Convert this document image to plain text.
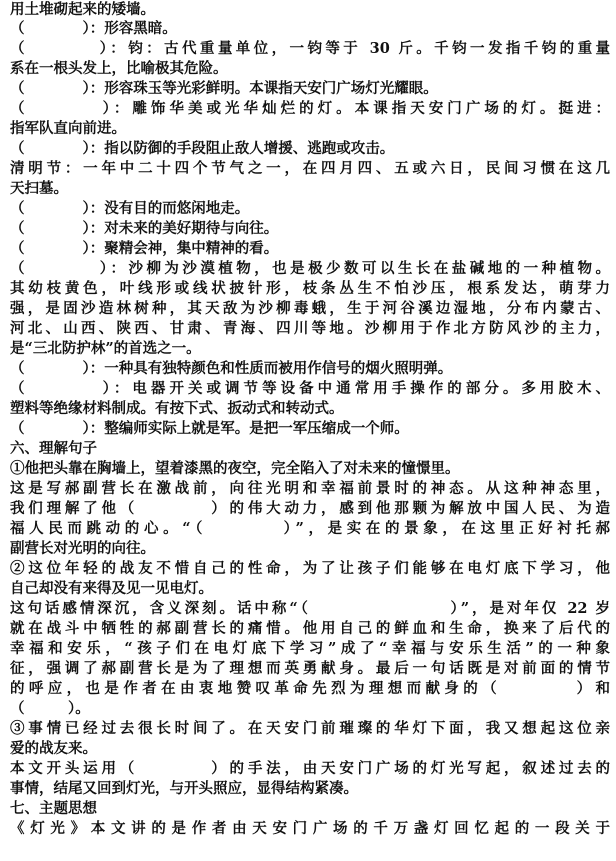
用土堆砌起来的矮墙。
（　　　　）：形容黑暗。
（　　　　）：钧：古代重量单位，一钧等于 30 斤。千钧一发指千钧的重量
系在一根头发上，比喻极其危险。
（　　　　）：形容珠玉等光彩鲜明。本课指天安门广场灯光耀眼。
（　　　　）：雕饰华美或光华灿烂的灯。本课指天安门广场的灯。挺进：
指军队直向前进。
（　　　　）：指以防御的手段阻止敌人增援、逃跑或攻击。
清明节：一年中二十四个节气之一，在四月四、五或六日，民间习惯在这几
天扫墓。
（　　　　）：没有目的而悠闲地走。
（　　　　）：对未来的美好期待与向往。
（　　　　）：聚精会神，集中精神的看。
（　　　　）：沙柳为沙漠植物，也是极少数可以生长在盐碱地的一种植物。
其幼枝黄色，叶线形或线状披针形，枝条丛生不怕沙压，根系发达，萌芽力
强，是固沙造林树种，其天敌为沙柳毒蛾，生于河谷溪边湿地，分布内蒙古、
河北、山西、陕西、甘肃、青海、四川等地。沙柳用于作北方防风沙的主力，
是“三北防护林”的首选之一。
（　　　　）：一种具有独特颜色和性质而被用作信号的烟火照明弹。
（　　　　）：电器开关或调节等设备中通常用手操作的部分。多用胶木、
塑料等绝缘材料制成。有按下式、扳动式和转动式。
（　　　　）：整编师实际上就是军。是把一军压缩成一个师。
六、理解句子
①他把头靠在胸墙上，望着漆黑的夜空，完全陷入了对未来的憧憬里。
这是写郝副营长在激战前，向往光明和幸福前景时的神态。从这种神态里，
我们理解了他（　　　　）的伟大动力，感到他那颗为解放中国人民、为造
福人民而跳动的心。“（　　　　）”，是实在的景象，在这里正好衬托郝
副营长对光明的向往。
②这位年轻的战友不惜自己的性命，为了让孩子们能够在电灯底下学习，他
自己却没有来得及见一见电灯。
这句话感情深沉，含义深刻。话中称“（　　　　　　　　）”，是对年仅 22 岁
就在战斗中牺牲的郝副营长的痛惜。他用自己的鲜血和生命，换来了后代的
幸福和安乐，“孩子们在电灯底下学习”成了“幸福与安乐生活”的一种象
征，强调了郝副营长是为了理想而英勇献身。最后一句话既是对前面的情节
的呼应，也是作者在由衷地赞叹革命先烈为理想而献身的（　　　　）和
（　　　）。
③事情已经过去很长时间了。在天安门前璀璨的华灯下面，我又想起这位亲
爱的战友来。
本文开头运用（　　　　）的手法，由天安门广场的灯光写起，叙述过去的
事情，结尾又回到灯光，与开头照应，显得结构紧凑。
七、主题思想
《灯光》本文讲的是作者由天安门广场的千万盏灯回忆起的一段关于
